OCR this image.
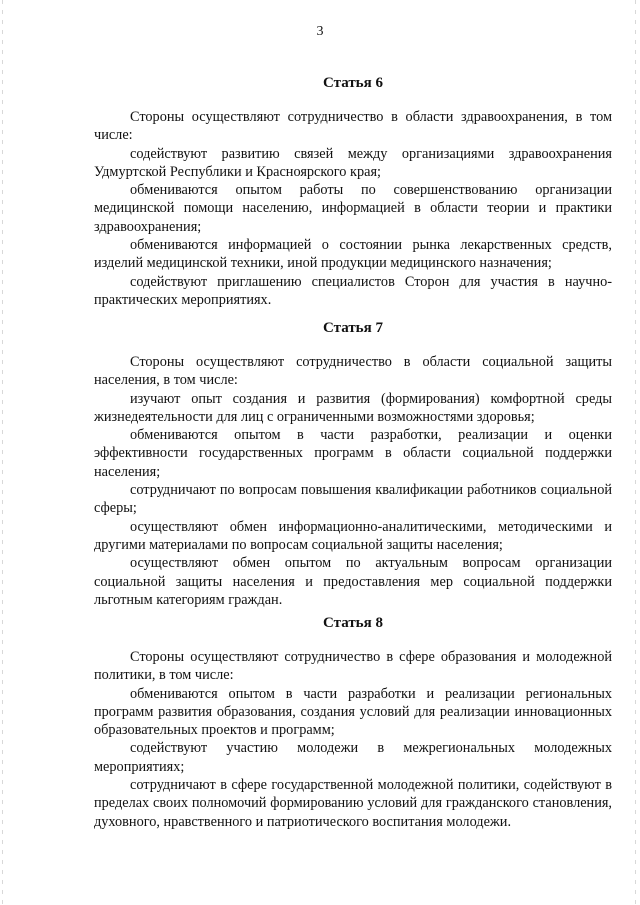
3
Статья 6

Стороны осуществляют сотрудничество в области здравоохранения, в том числе:

содействуют развитию связей между организациями здравоохранения Удмуртской Республики и Красноярского края;

обмениваются опытом работы по совершенствованию организации медицинской помощи населению, информацией в области теории и практики здравоохранения;

обмениваются информацией о состоянии рынка лекарственных средств, изделий медицинской техники, иной продукции медицинского назначения;

содействуют приглашению специалистов Сторон для участия в научно-практических мероприятиях.

Статья 7

Стороны осуществляют сотрудничество в области социальной защиты населения, в том числе:

изучают опыт создания и развития (формирования) комфортной среды жизнедеятельности для лиц с ограниченными возможностями здоровья;

обмениваются опытом в части разработки, реализации и оценки эффективности государственных программ в области социальной поддержки населения;

сотрудничают по вопросам повышения квалификации работников социальной сферы;

осуществляют обмен информационно-аналитическими, методическими и другими материалами по вопросам социальной защиты населения;

осуществляют обмен опытом по актуальным вопросам организации социальной защиты населения и предоставления мер социальной поддержки льготным категориям граждан.

Статья 8

Стороны осуществляют сотрудничество в сфере образования и молодежной политики, в том числе:

обмениваются опытом в части разработки и реализации региональных программ развития образования, создания условий для реализации инновационных образовательных проектов и программ;

содействуют участию молодежи в межрегиональных молодежных мероприятиях;

сотрудничают в сфере государственной молодежной политики, содействуют в пределах своих полномочий формированию условий для гражданского становления, духовного, нравственного и патриотического воспитания молодежи.
